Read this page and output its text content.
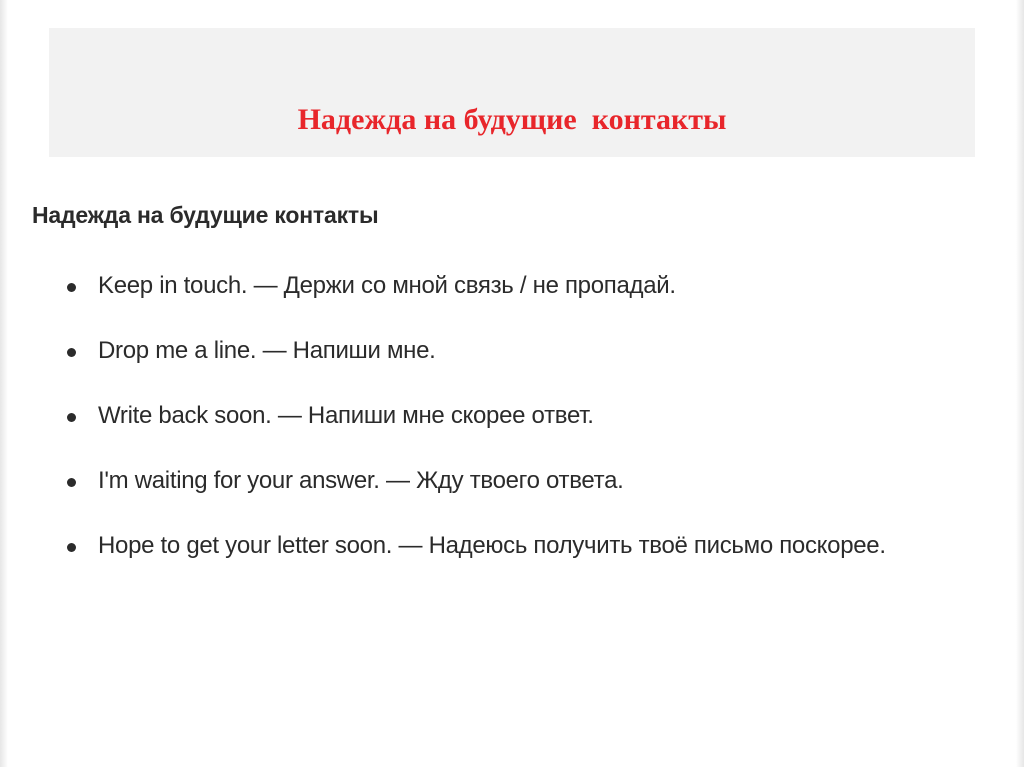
Надежда на будущие  контакты
Надежда на будущие контакты
Keep in touch. — Держи со мной связь / не пропадай.
Drop me a line. — Напиши мне.
Write back soon. — Напиши мне скорее ответ.
I'm waiting for your answer. — Жду твоего ответа.
Hope to get your letter soon. — Надеюсь получить твоё письмо поскорее.
